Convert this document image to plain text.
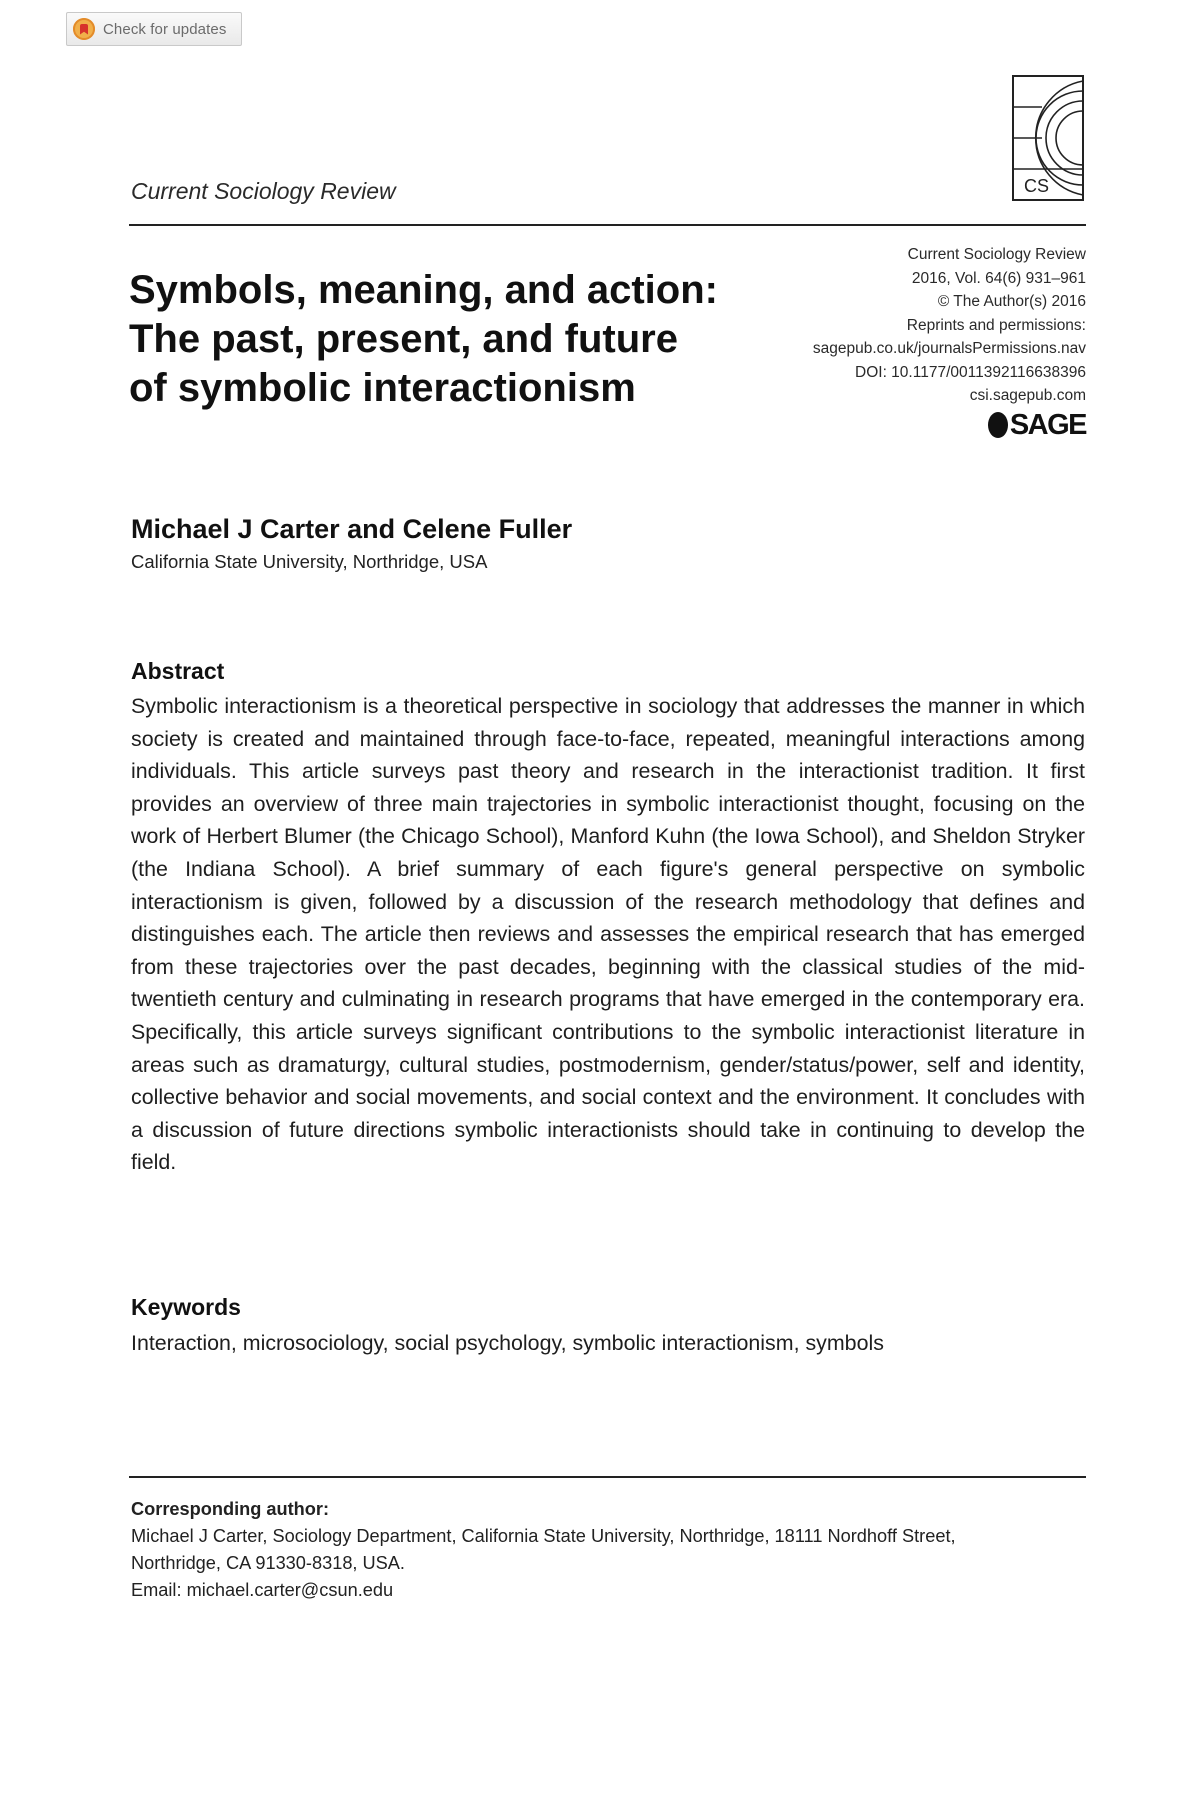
Check for updates
Current Sociology Review	CS
Symbols, meaning, and action:
The past, present, and future
of symbolic interactionism
Current Sociology Review
2016, Vol. 64(6) 931–961
© The Author(s) 2016
Reprints and permissions:
sagepub.co.uk/journalsPermissions.nav
DOI: 10.1177/0011392116638396
csi.sagepub.com
SAGE
Michael J Carter and Celene Fuller
California State University, Northridge, USA
Abstract

Symbolic interactionism is a theoretical perspective in sociology that addresses the manner in which society is created and maintained through face-to-face, repeated, meaningful interactions among individuals. This article surveys past theory and research in the interactionist tradition. It first provides an overview of three main trajectories in symbolic interactionist thought, focusing on the work of Herbert Blumer (the Chicago School), Manford Kuhn (the Iowa School), and Sheldon Stryker (the Indiana School). A brief summary of each figure's general perspective on symbolic interactionism is given, followed by a discussion of the research methodology that defines and distinguishes each. The article then reviews and assesses the empirical research that has emerged from these trajectories over the past decades, beginning with the classical studies of the mid-twentieth century and culminating in research programs that have emerged in the contemporary era. Specifically, this article surveys significant contributions to the symbolic interactionist literature in areas such as dramaturgy, cultural studies, postmodernism, gender/status/power, self and identity, collective behavior and social movements, and social context and the environment. It concludes with a discussion of future directions symbolic interactionists should take in continuing to develop the field.

Keywords

Interaction, microsociology, social psychology, symbolic interactionism, symbols

Corresponding author:
Michael J Carter, Sociology Department, California State University, Northridge, 18111 Nordhoff Street,
Northridge, CA 91330-8318, USA.
Email: michael.carter@csun.edu
